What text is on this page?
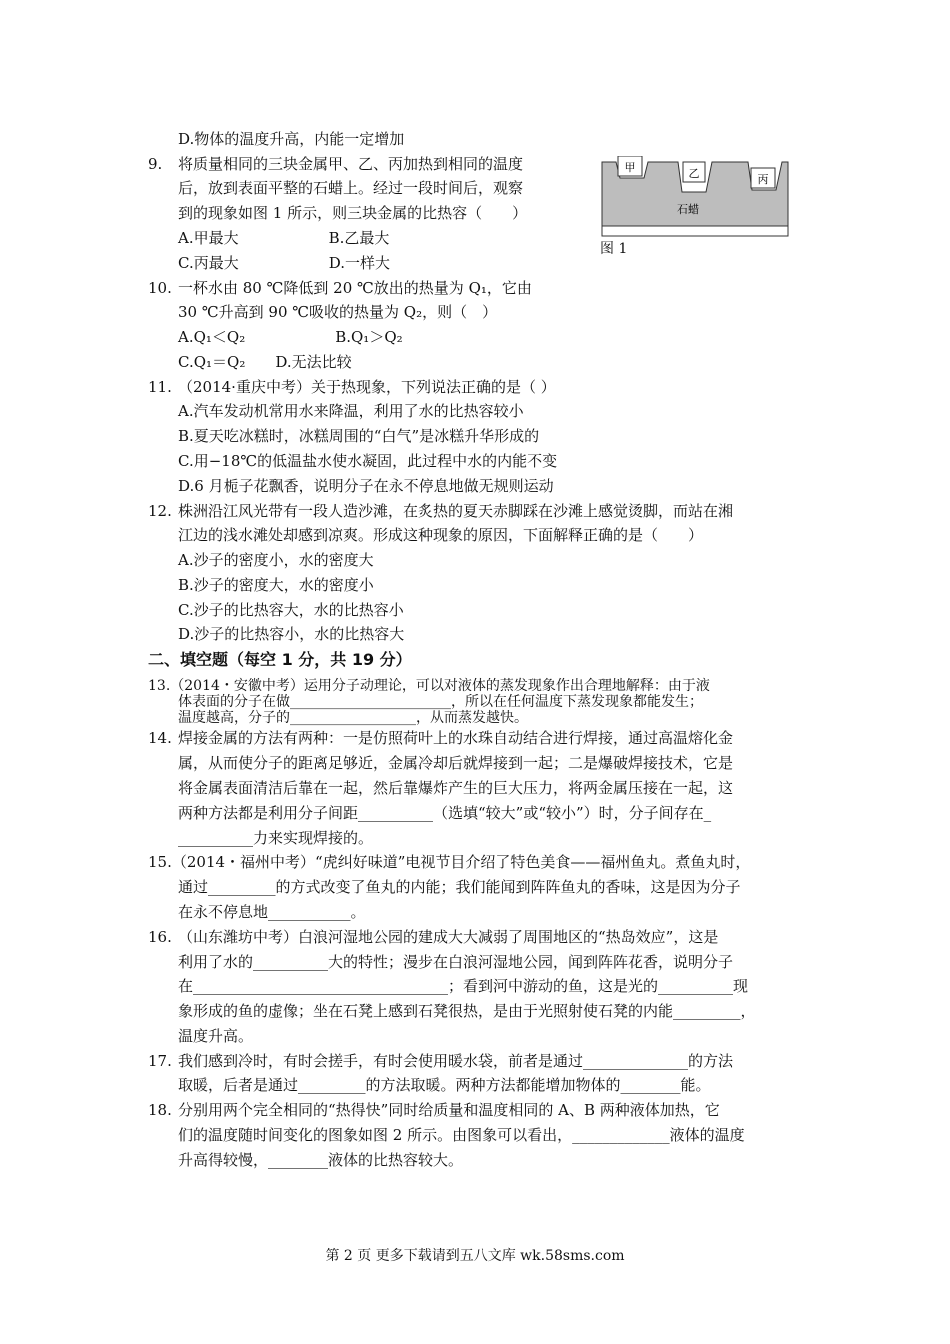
9.
10.
11.
12.
14.
16.
17.
18.
D.物体的温度升高，内能一定增加
将质量相同的三块金属甲、乙、丙加热到相同的温度
后，放到表面平整的石蜡上。经过一段时间后，观察
到的现象如图 1 所示，则三块金属的比热容（　　）
A.甲最大　　　　　　B.乙最大
C.丙最大　　　　　　D.一样大
一杯水由 80 ℃降低到 20 ℃放出的热量为 Q₁，它由
30 ℃升高到 90 ℃吸收的热量为 Q₂，则（　）
A.Q₁＜Q₂　　　　　　B.Q₁＞Q₂
C.Q₁＝Q₂　　D.无法比较
（2014·重庆中考）关于热现象，下列说法正确的是（ ）
A.汽车发动机常用水来降温，利用了水的比热容较小
B.夏天吃冰糕时，冰糕周围的“白气”是冰糕升华形成的
C.用−18℃的低温盐水使水凝固，此过程中水的内能不变
D.6 月栀子花飘香，说明分子在永不停息地做无规则运动
株洲沿江风光带有一段人造沙滩，在炙热的夏天赤脚踩在沙滩上感觉烫脚，而站在湘
江边的浅水滩处却感到凉爽。形成这种现象的原因，下面解释正确的是（　　）
A.沙子的密度小，水的密度大
B.沙子的密度大，水的密度小
C.沙子的比热容大，水的比热容小
D.沙子的比热容小，水的比热容大
二、填空题（每空 1 分，共 19 分）
13.（2014・安徽中考）运用分子动理论，可以对液体的蒸发现象作出合理地解释：由于液
体表面的分子在做_______________________，所以在任何温度下蒸发现象都能发生；
温度越高，分子的__________________，从而蒸发越快。
焊接金属的方法有两种：一是仿照荷叶上的水珠自动结合进行焊接，通过高温熔化金
属，从而使分子的距离足够近，金属冷却后就焊接到一起；二是爆破焊接技术，它是
将金属表面清洁后靠在一起，然后靠爆炸产生的巨大压力，将两金属压接在一起，这
两种方法都是利用分子间距__________（选填“较大”或“较小”）时，分子间存在_
__________力来实现焊接的。
15.（2014・福州中考）“虎纠好味道”电视节目介绍了特色美食——福州鱼丸。煮鱼丸时，
通过_________的方式改变了鱼丸的内能；我们能闻到阵阵鱼丸的香味，这是因为分子
在永不停息地___________。
（山东潍坊中考）白浪河湿地公园的建成大大减弱了周围地区的“热岛效应”，这是
利用了水的__________大的特性；漫步在白浪河湿地公园，闻到阵阵花香，说明分子
在__________________________________；看到河中游动的鱼，这是光的__________现
象形成的鱼的虚像；坐在石凳上感到石凳很热，是由于光照射使石凳的内能_________，
温度升高。
我们感到冷时，有时会搓手，有时会使用暖水袋，前者是通过______________的方法
取暖，后者是通过_________的方法取暖。两种方法都能增加物体的________能。
分别用两个完全相同的“热得快”同时给质量和温度相同的 A、B 两种液体加热，它
们的温度随时间变化的图象如图 2 所示。由图象可以看出，_____________液体的温度
升高得较慢，________液体的比热容较大。
甲	乙	丙
石蜡
图 1
第 2 页 更多下载请到五八文库 wk.58sms.com
